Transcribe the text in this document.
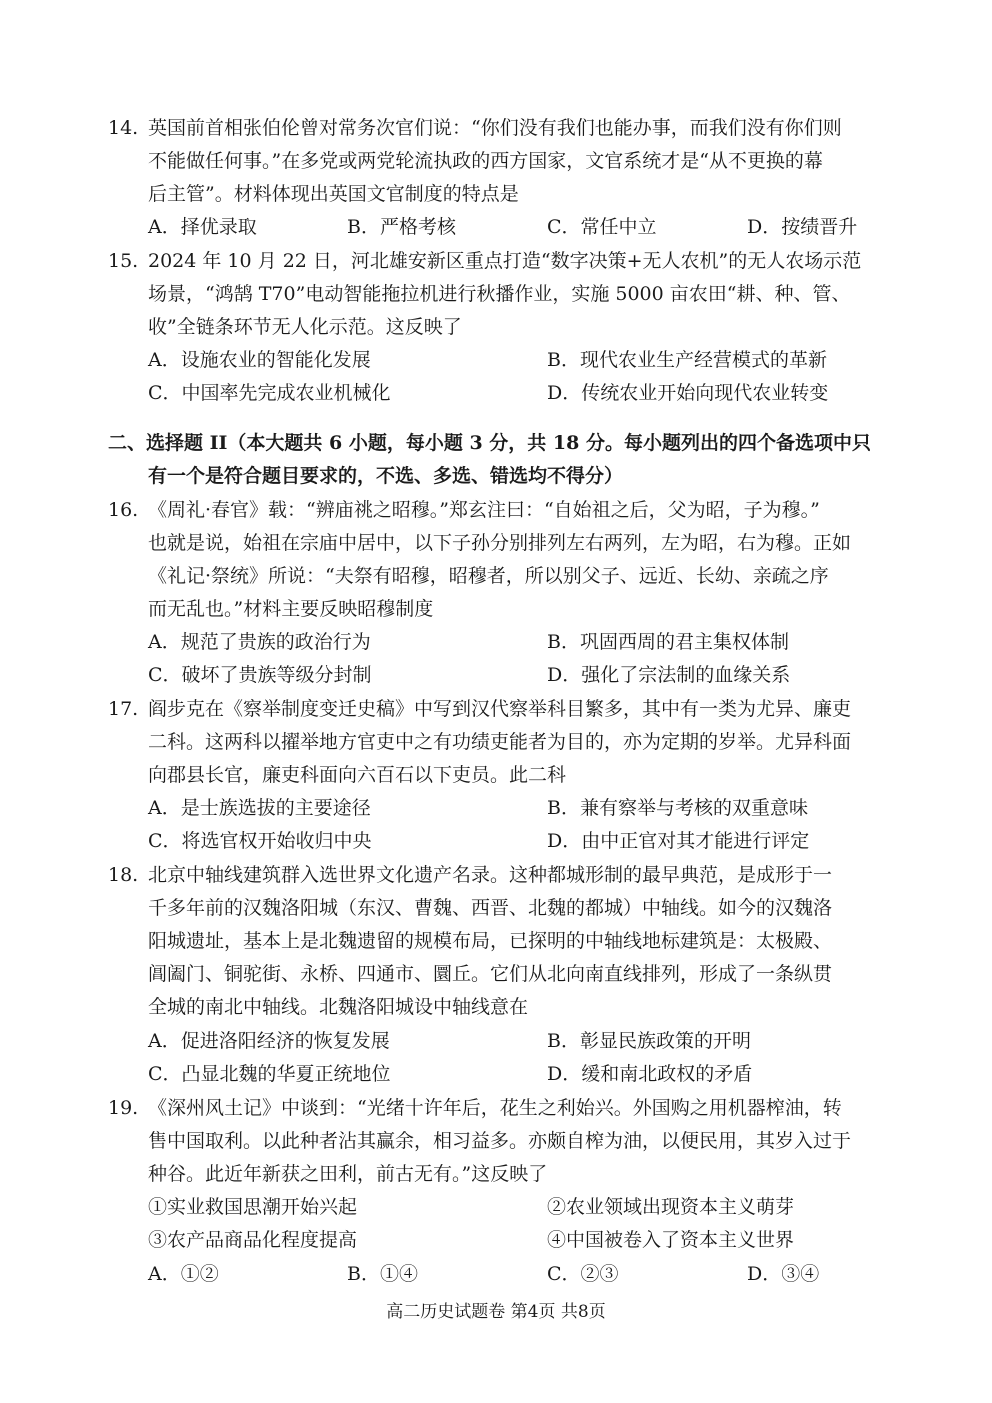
14. 英国前首相张伯伦曾对常务次官们说：“你们没有我们也能办事，而我们没有你们则
不能做任何事。”在多党或两党轮流执政的西方国家，文官系统才是“从不更换的幕
后主管”。材料体现出英国文官制度的特点是
A．择优录取	B．严格考核	C．常任中立	D．按绩晋升
15. 2024 年 10 月 22 日，河北雄安新区重点打造“数字决策+无人农机”的无人农场示范
场景，“鸿鹄 T70”电动智能拖拉机进行秋播作业，实施 5000 亩农田“耕、种、管、
收”全链条环节无人化示范。这反映了
A．设施农业的智能化发展	B．现代农业生产经营模式的革新
C．中国率先完成农业机械化	D．传统农业开始向现代农业转变
二、选择题 II（本大题共 6 小题，每小题 3 分，共 18 分。每小题列出的四个备选项中只
有一个是符合题目要求的，不选、多选、错选均不得分）
16. 《周礼·春官》载：“辨庙祧之昭穆。”郑玄注曰：“自始祖之后，父为昭，子为穆。”
也就是说，始祖在宗庙中居中，以下子孙分别排列左右两列，左为昭，右为穆。正如
《礼记·祭统》所说：“夫祭有昭穆，昭穆者，所以别父子、远近、长幼、亲疏之序
而无乱也。”材料主要反映昭穆制度
A．规范了贵族的政治行为	B．巩固西周的君主集权体制
C．破坏了贵族等级分封制	D．强化了宗法制的血缘关系
17. 阎步克在《察举制度变迁史稿》中写到汉代察举科目繁多，其中有一类为尤异、廉吏
二科。这两科以擢举地方官吏中之有功绩吏能者为目的，亦为定期的岁举。尤异科面
向郡县长官，廉吏科面向六百石以下吏员。此二科
A．是士族选拔的主要途径	B．兼有察举与考核的双重意味
C．将选官权开始收归中央	D．由中正官对其才能进行评定
18. 北京中轴线建筑群入选世界文化遗产名录。这种都城形制的最早典范，是成形于一
千多年前的汉魏洛阳城（东汉、曹魏、西晋、北魏的都城）中轴线。如今的汉魏洛
阳城遗址，基本上是北魏遗留的规模布局，已探明的中轴线地标建筑是：太极殿、
阊阖门、铜驼街、永桥、四通市、圜丘。它们从北向南直线排列，形成了一条纵贯
全城的南北中轴线。北魏洛阳城设中轴线意在
A．促进洛阳经济的恢复发展	B．彰显民族政策的开明
C．凸显北魏的华夏正统地位	D．缓和南北政权的矛盾
19. 《深州风土记》中谈到：“光绪十许年后，花生之利始兴。外国购之用机器榨油，转
售中国取利。以此种者沾其赢余，相习益多。亦颇自榨为油，以便民用，其岁入过于
种谷。此近年新获之田利，前古无有。”这反映了
①实业救国思潮开始兴起	②农业领域出现资本主义萌芽
③农产品商品化程度提高	④中国被卷入了资本主义世界
A．①②	B．①④	C．②③	D．③④
高二历史试题卷 第4页 共8页
